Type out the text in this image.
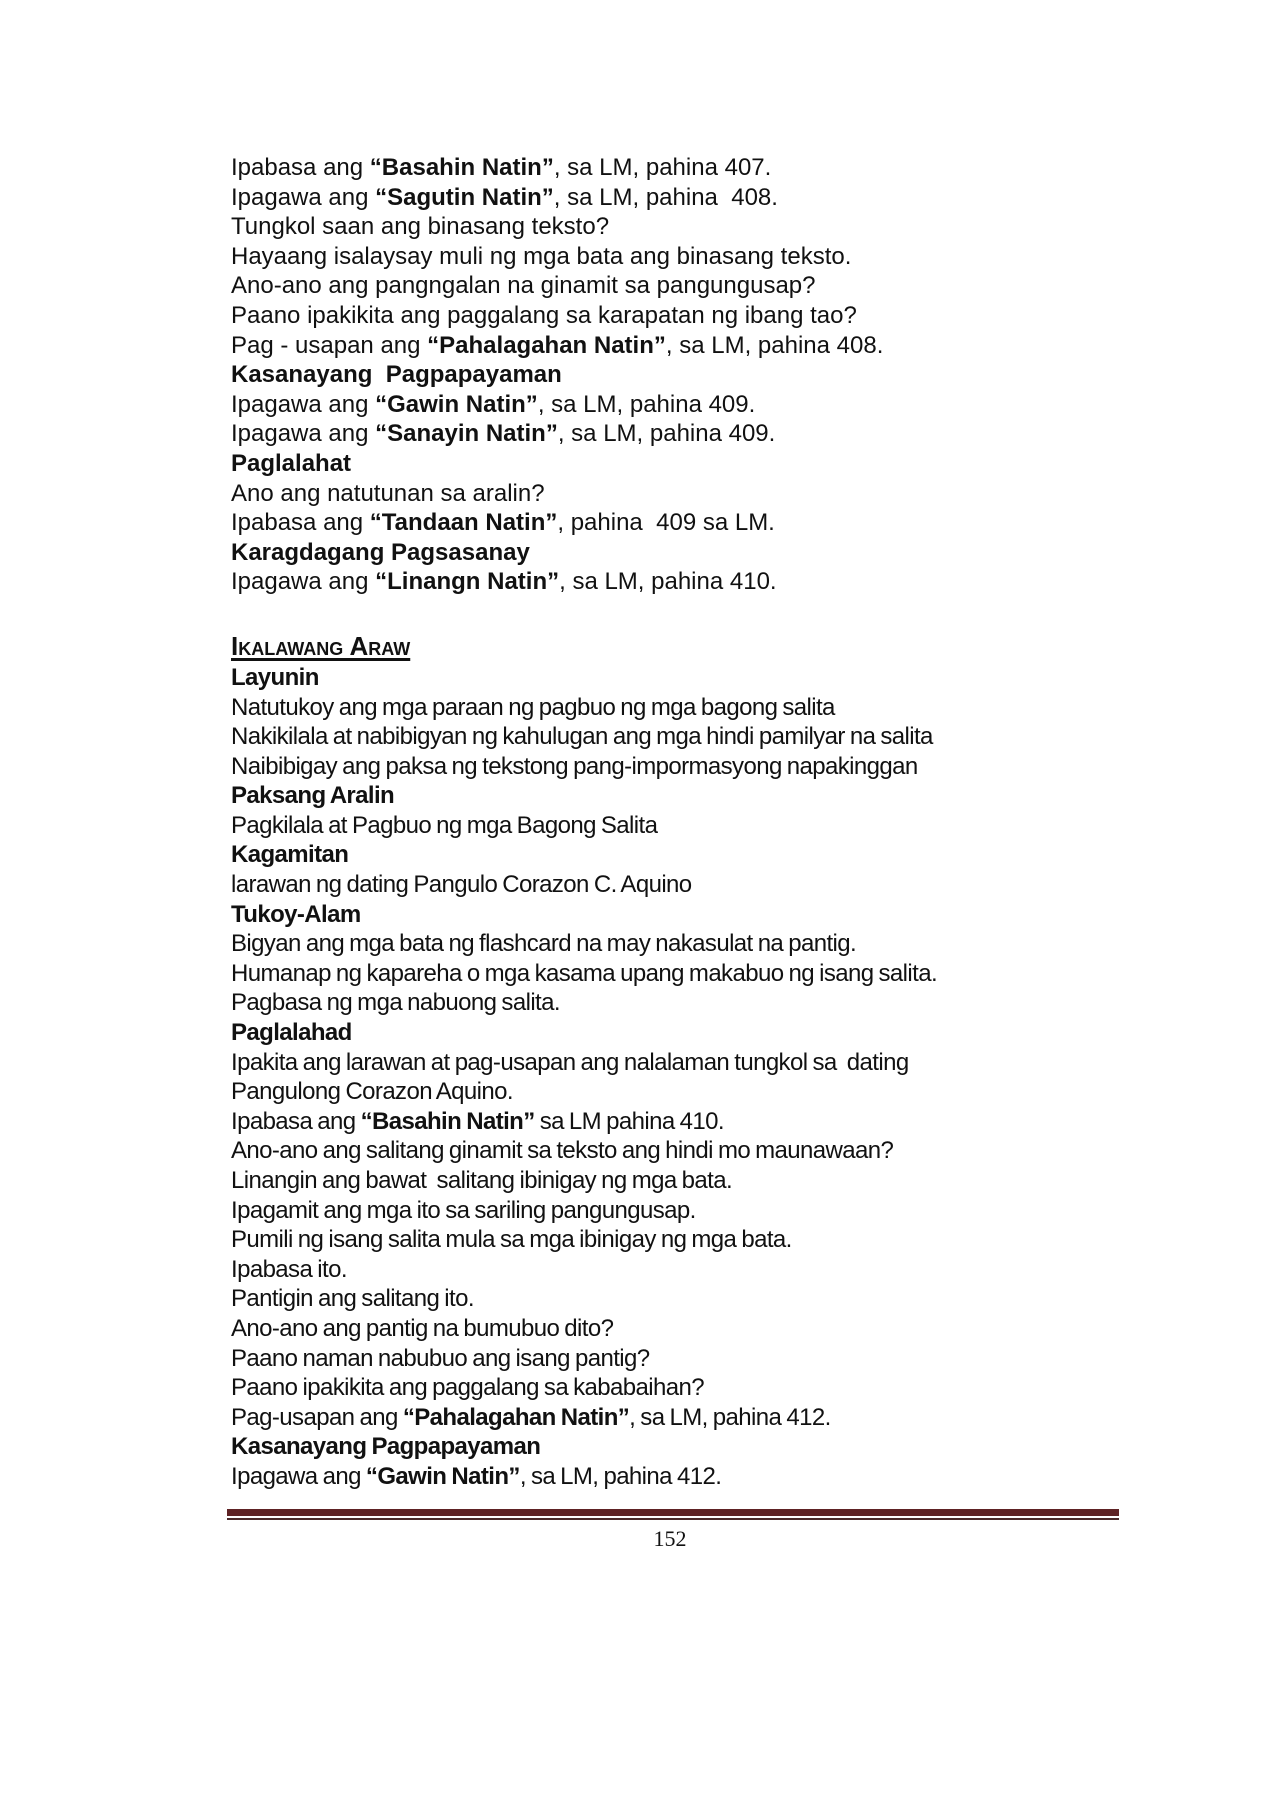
Ipabasa ang “Basahin Natin”, sa LM, pahina 407.
Ipagawa ang “Sagutin Natin”, sa LM, pahina  408.
Tungkol saan ang binasang teksto?
Hayaang isalaysay muli ng mga bata ang binasang teksto.
Ano-ano ang pangngalan na ginamit sa pangungusap?
Paano ipakikita ang paggalang sa karapatan ng ibang tao?
Pag - usapan ang “Pahalagahan Natin”, sa LM, pahina 408.
Kasanayang  Pagpapayaman
Ipagawa ang “Gawin Natin”, sa LM, pahina 409.
Ipagawa ang “Sanayin Natin”, sa LM, pahina 409.
Paglalahat
Ano ang natutunan sa aralin?
Ipabasa ang “Tandaan Natin”, pahina  409 sa LM.
Karagdagang Pagsasanay
Ipagawa ang “Linangn Natin”, sa LM, pahina 410.
Ikalawang Araw
Layunin
Natutukoy ang mga paraan ng pagbuo ng mga bagong salita
Nakikilala at nabibigyan ng kahulugan ang mga hindi pamilyar na salita
Naibibigay ang paksa ng tekstong pang-impormasyong napakinggan
Paksang Aralin
Pagkilala at Pagbuo ng mga Bagong Salita
Kagamitan
larawan ng dating Pangulo Corazon C. Aquino
Tukoy-Alam
Bigyan ang mga bata ng flashcard na may nakasulat na pantig.
Humanap ng kapareha o mga kasama upang makabuo ng isang salita.
Pagbasa ng mga nabuong salita.
Paglalahad
Ipakita ang larawan at pag-usapan ang nalalaman tungkol sa  dating
Pangulong Corazon Aquino.
Ipabasa ang “Basahin Natin” sa LM pahina 410.
Ano-ano ang salitang ginamit sa teksto ang hindi mo maunawaan?
Linangin ang bawat  salitang ibinigay ng mga bata.
Ipagamit ang mga ito sa sariling pangungusap.
Pumili ng isang salita mula sa mga ibinigay ng mga bata.
Ipabasa ito.
Pantigin ang salitang ito.
Ano-ano ang pantig na bumubuo dito?
Paano naman nabubuo ang isang pantig?
Paano ipakikita ang paggalang sa kababaihan?
Pag-usapan ang “Pahalagahan Natin”, sa LM, pahina 412.
Kasanayang Pagpapayaman
Ipagawa ang “Gawin Natin”, sa LM, pahina 412.
152
